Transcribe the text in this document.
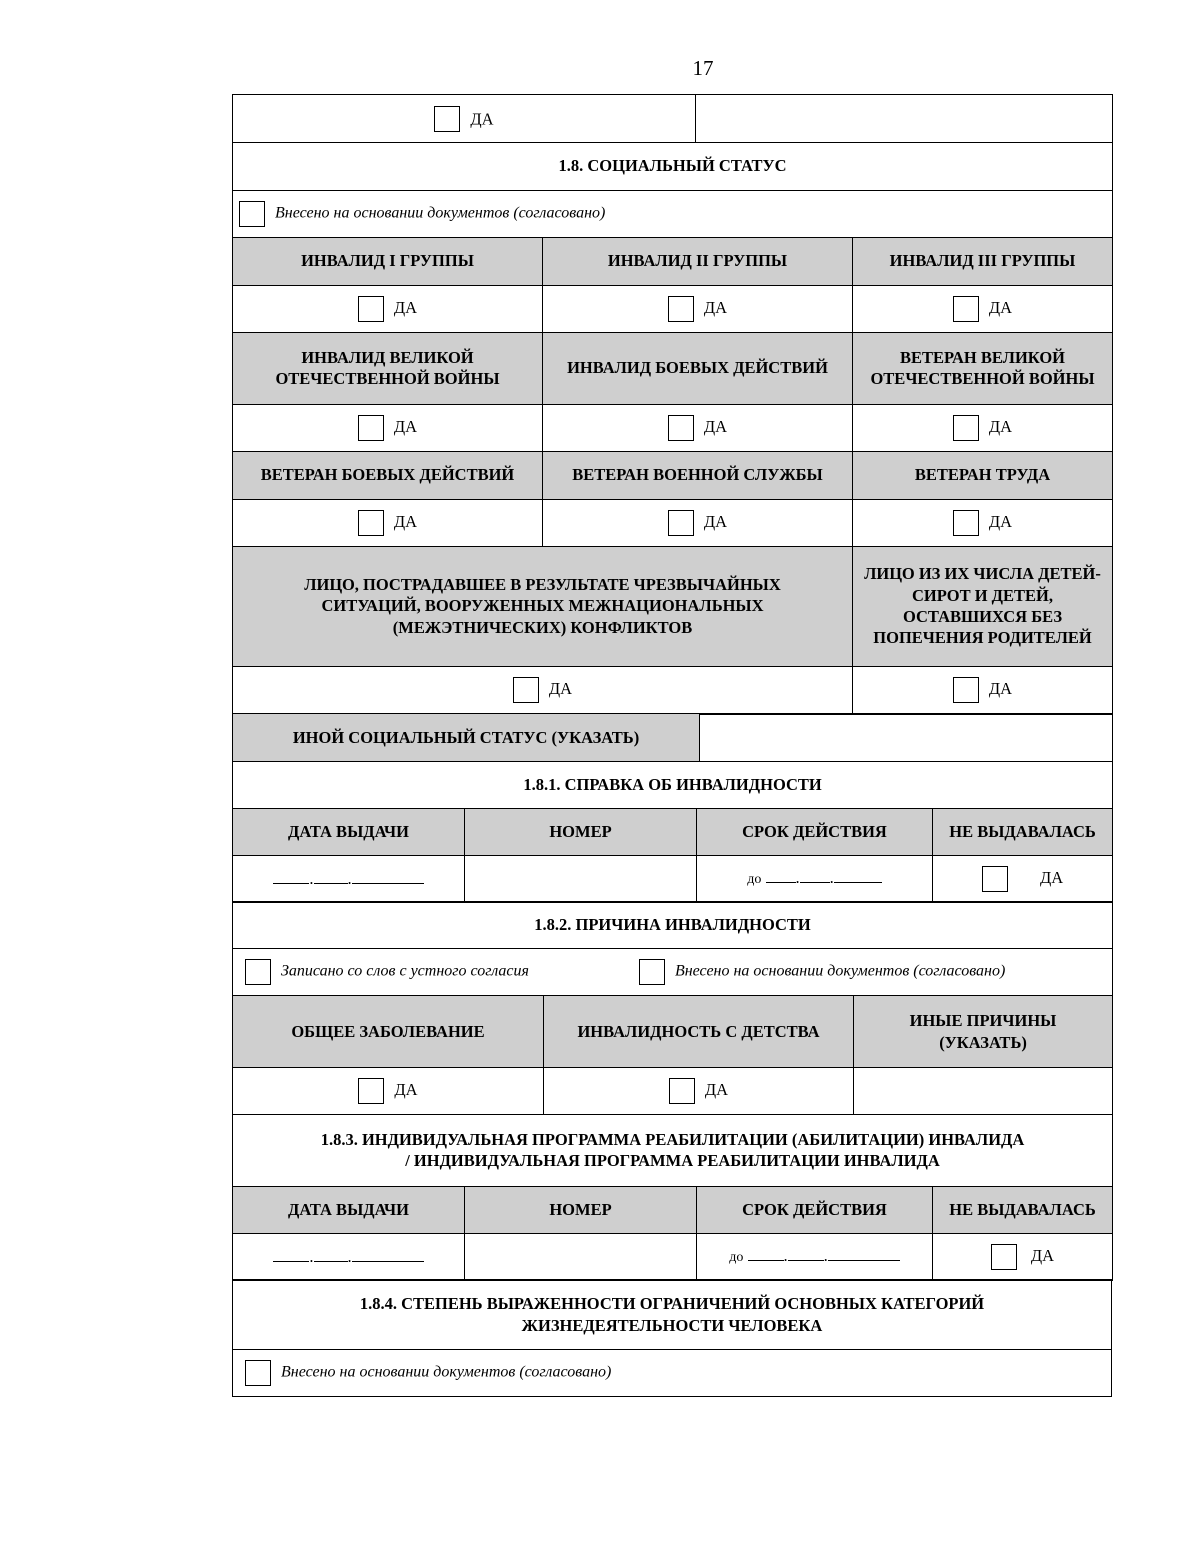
17
ДА	
1.8. СОЦИАЛЬНЫЙ СТАТУС		
Внесено на основании документов (согласовано)		
ИНВАЛИД I ГРУППЫ	ИНВАЛИД II ГРУППЫ	ИНВАЛИД III ГРУППЫ
ДА	ДА	ДА
ИНВАЛИД ВЕЛИКОЙ ОТЕЧЕСТВЕННОЙ ВОЙНЫ	ИНВАЛИД БОЕВЫХ ДЕЙСТВИЙ	ВЕТЕРАН ВЕЛИКОЙ ОТЕЧЕСТВЕННОЙ ВОЙНЫ
ДА	ДА	ДА
ВЕТЕРАН БОЕВЫХ ДЕЙСТВИЙ	ВЕТЕРАН ВОЕННОЙ СЛУЖБЫ	ВЕТЕРАН ТРУДА
ДА	ДА	ДА
ЛИЦО, ПОСТРАДАВШЕЕ В РЕЗУЛЬТАТЕ ЧРЕЗВЫЧАЙНЫХ СИТУАЦИЙ, ВООРУЖЕННЫХ МЕЖНАЦИОНАЛЬНЫХ (МЕЖЭТНИЧЕСКИХ) КОНФЛИКТОВ		ЛИЦО ИЗ ИХ ЧИСЛА ДЕТЕЙ-СИРОТ И ДЕТЕЙ, ОСТАВШИХСЯ БЕЗ ПОПЕЧЕНИЯ РОДИТЕЛЕЙ
ДА		ДА
ИНОЙ СОЦИАЛЬНЫЙ СТАТУС (УКАЗАТЬ)	
1.8.1. СПРАВКА ОБ ИНВАЛИДНОСТИ			
ДАТА ВЫДАЧИ	НОМЕР	СРОК ДЕЙСТВИЯ	НЕ ВЫДАВАЛАСЬ
. .		до . .	ДА
1.8.2. ПРИЧИНА ИНВАЛИДНОСТИ		
Записано со слов с устного согласия Внесено на основании документов (согласовано)		
ОБЩЕЕ ЗАБОЛЕВАНИЕ	ИНВАЛИДНОСТЬ С ДЕТСТВА	ИНЫЕ ПРИЧИНЫ (УКАЗАТЬ)
ДА	ДА	
1.8.3. ИНДИВИДУАЛЬНАЯ ПРОГРАММА РЕАБИЛИТАЦИИ (АБИЛИТАЦИИ) ИНВАЛИДА
/ ИНДИВИДУАЛЬНАЯ ПРОГРАММА РЕАБИЛИТАЦИИ ИНВАЛИДА			
ДАТА ВЫДАЧИ	НОМЕР	СРОК ДЕЙСТВИЯ	НЕ ВЫДАВАЛАСЬ
. .		до . .	ДА
1.8.4. СТЕПЕНЬ ВЫРАЖЕННОСТИ ОГРАНИЧЕНИЙ ОСНОВНЫХ КАТЕГОРИЙ
ЖИЗНЕДЕЯТЕЛЬНОСТИ ЧЕЛОВЕКА
Внесено на основании документов (согласовано)
